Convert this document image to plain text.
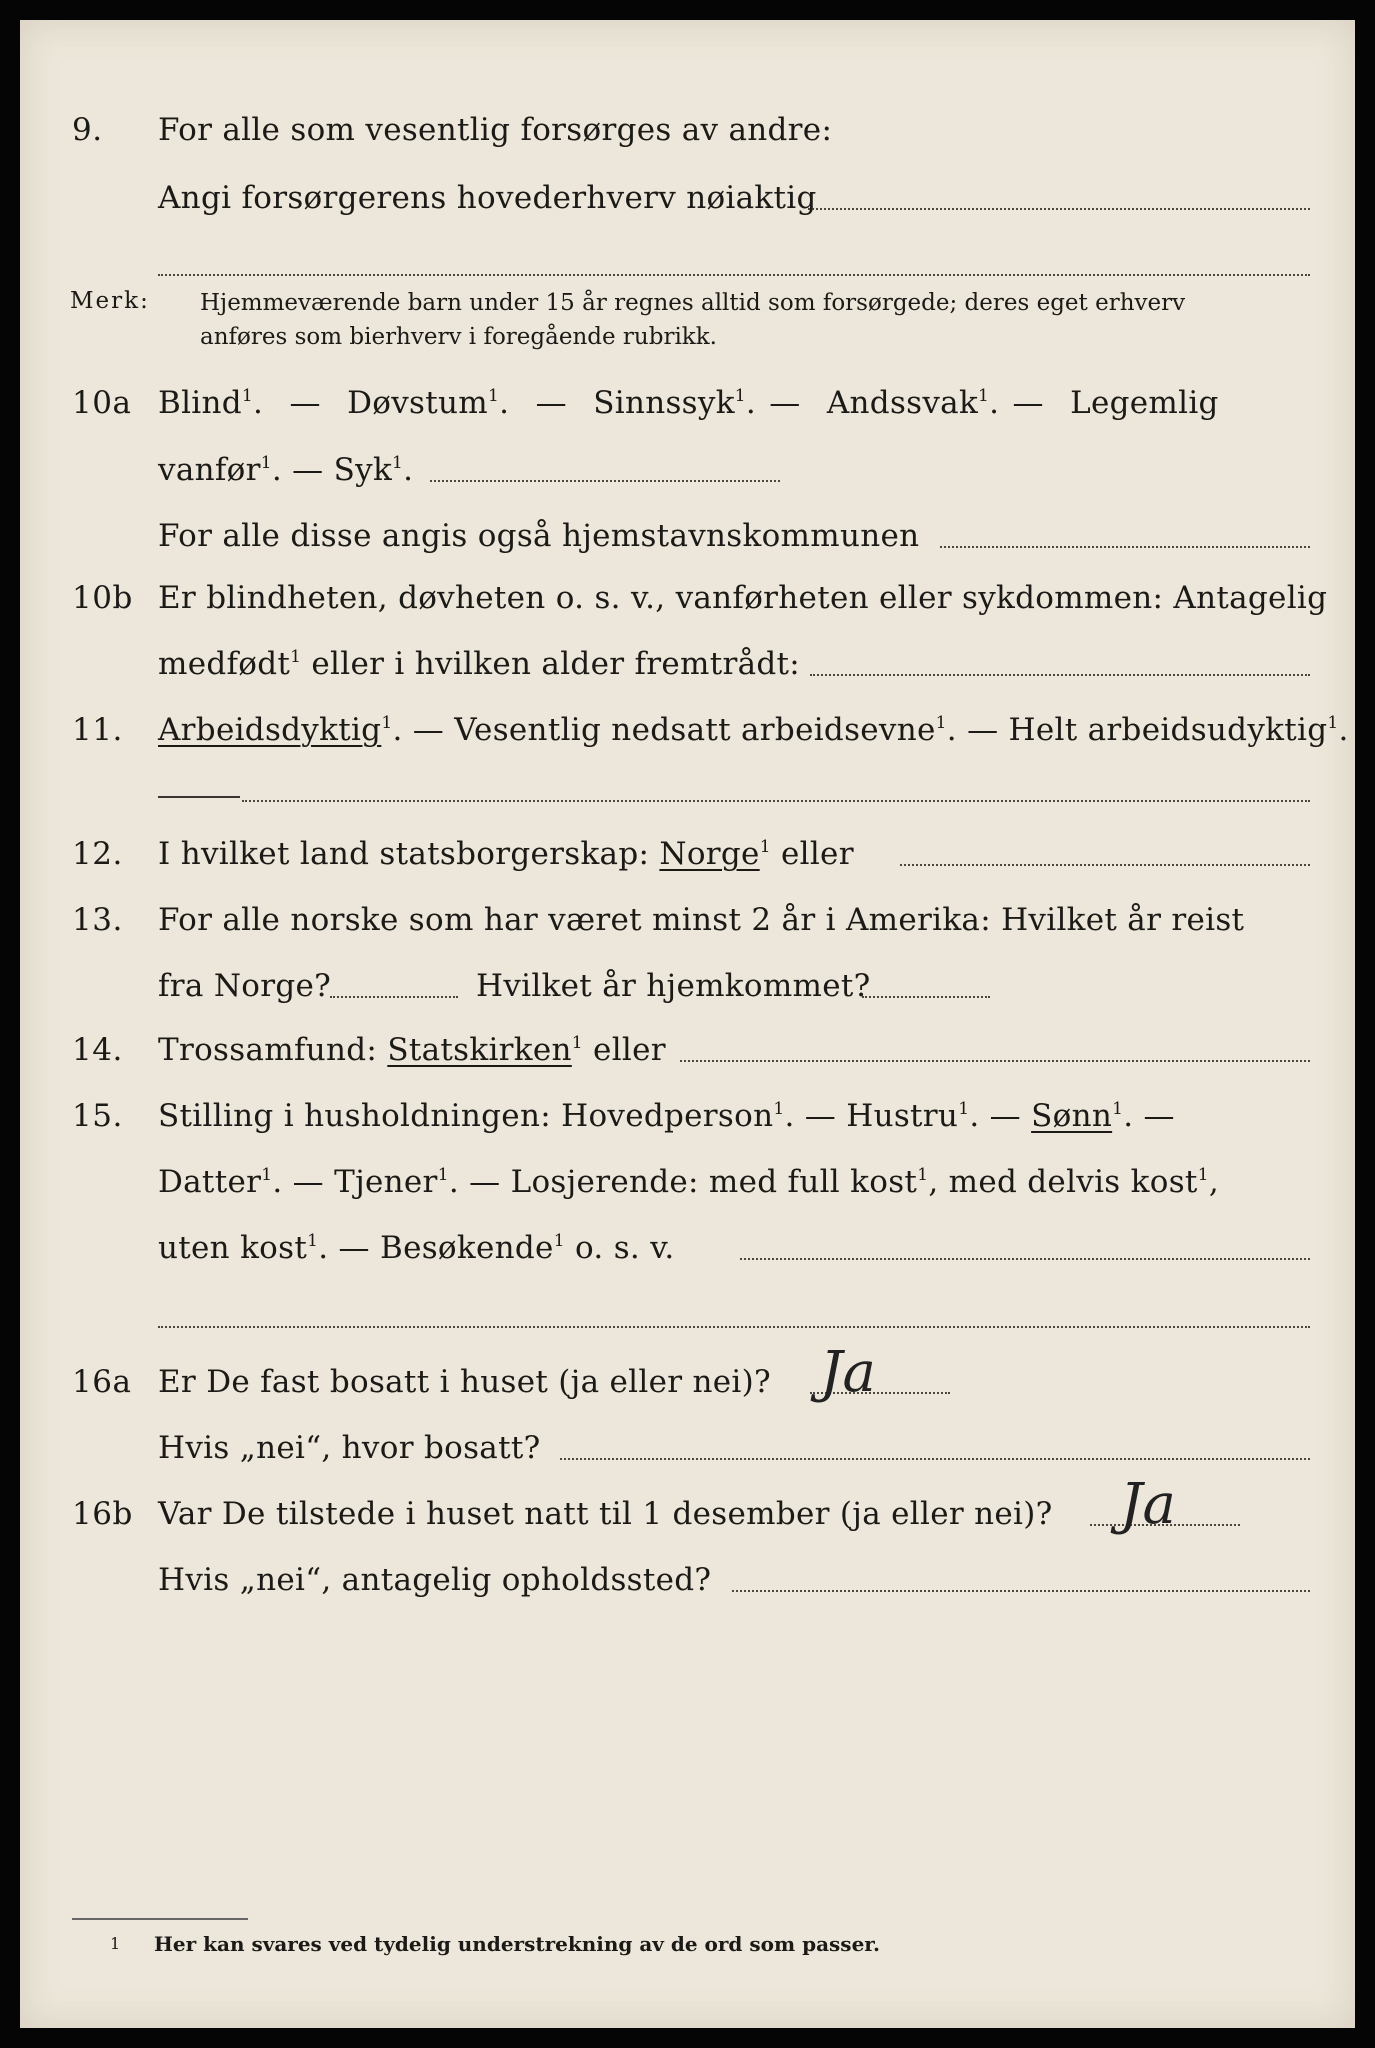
9. For alle som vesentlig forsørges av andre:
Angi forsørgerens hovederhverv nøiaktig
Merk: Hjemmeværende barn under 15 år regnes alltid som forsørgede; deres eget erhverv
anføres som bierhverv i foregående rubrikk.
10a Blind$^1$.  —  Døvstum$^1$.  —  Sinnssyk$^1$. —  Andssvak$^1$. —  Legemlig
vanfør$^1$. — Syk$^1$.
For alle disse angis også hjemstavnskommunen
10b Er blindheten, døvheten o. s. v., vanførheten eller sykdommen: Antagelig
medfødt$^1$ eller i hvilken alder fremtrådt:
11. Arbeidsdyktig$^1$. — Vesentlig nedsatt arbeidsevne$^1$. — Helt arbeidsudyktig$^1$.
12. I hvilket land statsborgerskap: Norge$^1$ eller
13. For alle norske som har været minst 2 år i Amerika: Hvilket år reist
fra Norge?	Hvilket år hjemkommet?
14. Trossamfund: Statskirken$^1$ eller
15. Stilling i husholdningen: Hovedperson$^1$. — Hustru$^1$. — Sønn$^1$. —
Datter$^1$. — Tjener$^1$. — Losjerende: med full kost$^1$, med delvis kost$^1$,
uten kost$^1$. — Besøkende$^1$ o. s. v.
16a Er De fast bosatt i huset (ja eller nei)? Ja
Hvis „nei“, hvor bosatt?
16b Var De tilstede i huset natt til 1 desember (ja eller nei)? Ja
Hvis „nei“, antagelig opholdssted?
1 Her kan svares ved tydelig understrekning av de ord som passer.
